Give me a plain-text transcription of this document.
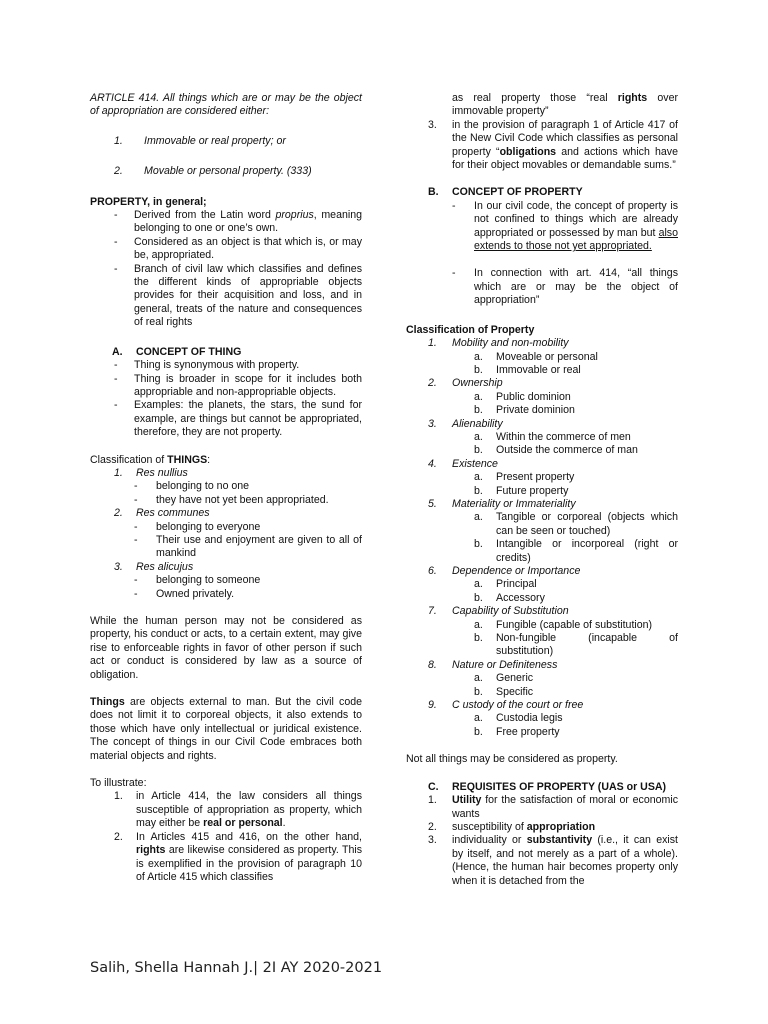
ARTICLE 414. All things which are or may be the object of appropriation are considered either:

1.	Immovable or real property; or
2.	Movable or personal property. (333)

PROPERTY, in general;

-	Derived from the Latin word proprius, meaning belonging to one or one’s own.
-	Considered as an object is that which is, or may be, appropriated.
-	Branch of civil law which classifies and defines the different kinds of appropriable objects provides for their acquisition and loss, and in general, treats of the nature and consequences of real rights
A.	CONCEPT OF THING
-	Thing is synonymous with property.
-	Thing is broader in scope for it includes both appropriable and non-appropriable objects.
-	Examples: the planets, the stars, the sund for example, are things but cannot be appropriated, therefore, they are not property.

Classification of THINGS:

1.	Res nullius
-	belonging to no one
-	they have not yet been appropriated.
2.	Res communes
-	belonging to everyone
-	Their use and enjoyment are given to all of mankind
3.	Res alicujus
-	belonging to someone
-	Owned privately.

While the human person may not be considered as property, his conduct or acts, to a certain extent, may give rise to enforceable rights in favor of other person if such act or conduct is considered by law as a source of obligation.

Things are objects external to man. But the civil code does not limit it to corporeal objects, it also extends to those which have only intellectual or juridical existence. The concept of things in our Civil Code embraces both material objects and rights.

To illustrate:

1.	in Article 414, the law considers all things susceptible of appropriation as property, which may either be real or personal.
2.	In Articles 415 and 416, on the other hand, rights are likewise considered as property. This is exemplified in the provision of paragraph 10 of Article 415 which classifies

as real property those “real rights over immovable property”

3.	in the provision of paragraph 1 of Article 417 of the New Civil Code which classifies as personal property “obligations and actions which have for their object movables or demandable sums.”
B.	CONCEPT OF PROPERTY
-	In our civil code, the concept of property is not confined to things which are already appropriated or possessed by man but also extends to those not yet appropriated.
-	In connection with art. 414, “all things which are or may be the object of appropriation”

Classification of Property

1.	Mobility and non-mobility
a.	Moveable or personal
b.	Immovable or real
2.	Ownership
a.	Public dominion
b.	Private dominion
3.	Alienability
a.	Within the commerce of men
b.	Outside the commerce of man
4.	Existence
a.	Present property
b.	Future property
5.	Materiality or Immateriality
a.	Tangible or corporeal (objects which can be seen or touched)
b.	Intangible or incorporeal (right or credits)
6.	Dependence or Importance
a.	Principal
b.	Accessory
7.	Capability of Substitution
a.	Fungible (capable of substitution)
b.	Non-fungible (incapable of substitution)
8.	Nature or Definiteness
a.	Generic
b.	Specific
9.	C ustody of the court or free
a.	Custodia legis
b.	Free property

Not all things may be considered as property.

C.	REQUISITES OF PROPERTY (UAS or USA)
1.	Utility for the satisfaction of moral or economic wants
2.	susceptibility of appropriation
3.	individuality or substantivity (i.e., it can exist by itself, and not merely as a part of a whole). (Hence, the human hair becomes property only when it is detached from the
Salih, Shella Hannah J.| 2I AY 2020-2021
